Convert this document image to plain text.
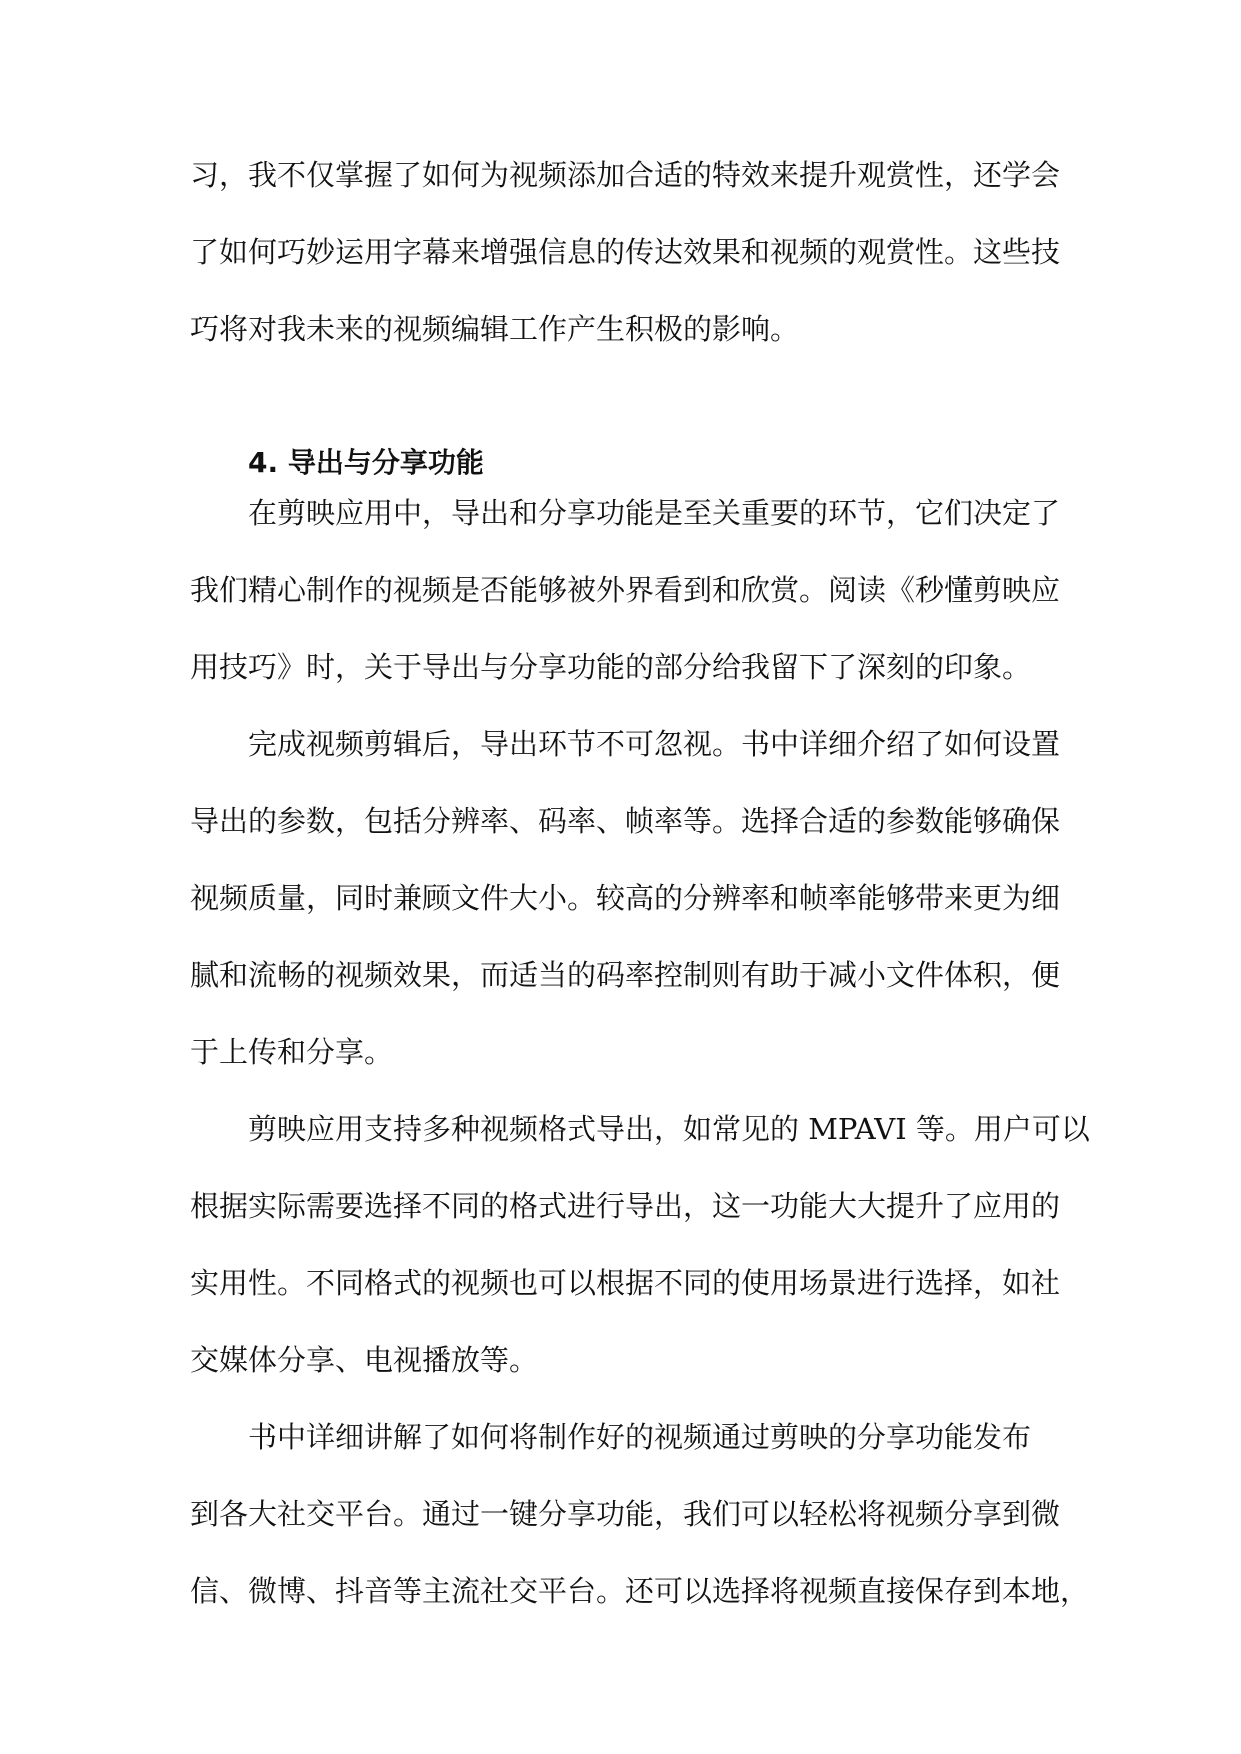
习，我不仅掌握了如何为视频添加合适的特效来提升观赏性，还学会
了如何巧妙运用字幕来增强信息的传达效果和视频的观赏性。这些技
巧将对我未来的视频编辑工作产生积极的影响。
4. 导出与分享功能
在剪映应用中，导出和分享功能是至关重要的环节，它们决定了
我们精心制作的视频是否能够被外界看到和欣赏。阅读《秒懂剪映应
用技巧》时，关于导出与分享功能的部分给我留下了深刻的印象。
完成视频剪辑后，导出环节不可忽视。书中详细介绍了如何设置
导出的参数，包括分辨率、码率、帧率等。选择合适的参数能够确保
视频质量，同时兼顾文件大小。较高的分辨率和帧率能够带来更为细
腻和流畅的视频效果，而适当的码率控制则有助于减小文件体积，便
于上传和分享。
剪映应用支持多种视频格式导出，如常见的 MPAVI 等。用户可以
根据实际需要选择不同的格式进行导出，这一功能大大提升了应用的
实用性。不同格式的视频也可以根据不同的使用场景进行选择，如社
交媒体分享、电视播放等。
书中详细讲解了如何将制作好的视频通过剪映的分享功能发布
到各大社交平台。通过一键分享功能，我们可以轻松将视频分享到微
信、微博、抖音等主流社交平台。还可以选择将视频直接保存到本地，
